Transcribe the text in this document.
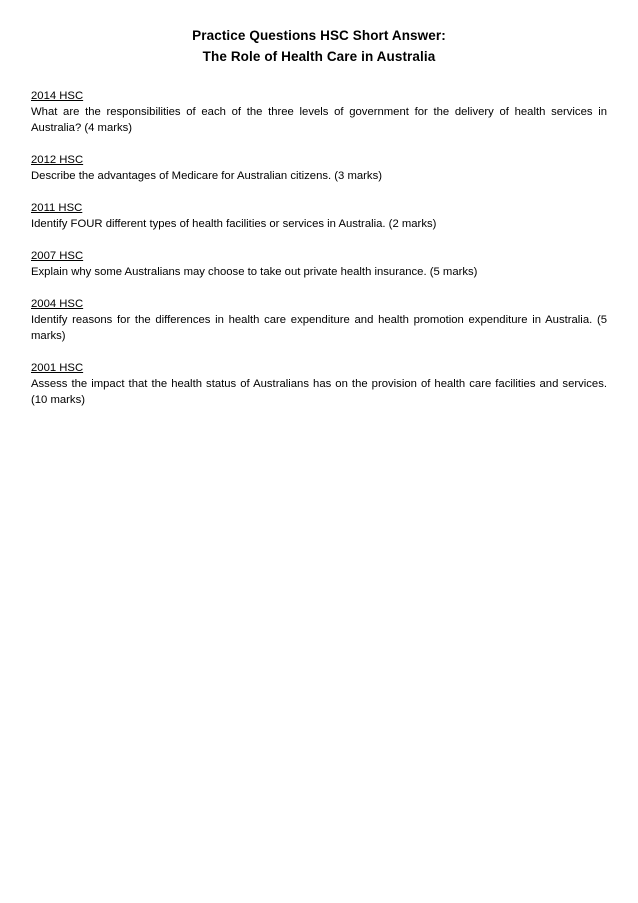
Practice Questions HSC Short Answer:
The Role of Health Care in Australia
2014 HSC
What are the responsibilities of each of the three levels of government for the delivery of health services in Australia? (4 marks)
2012 HSC
Describe the advantages of Medicare for Australian citizens. (3 marks)
2011 HSC
Identify FOUR different types of health facilities or services in Australia. (2 marks)
2007 HSC
Explain why some Australians may choose to take out private health insurance. (5 marks)
2004 HSC
Identify reasons for the differences in health care expenditure and health promotion expenditure in Australia. (5 marks)
2001 HSC
Assess the impact that the health status of Australians has on the provision of health care facilities and services. (10 marks)
